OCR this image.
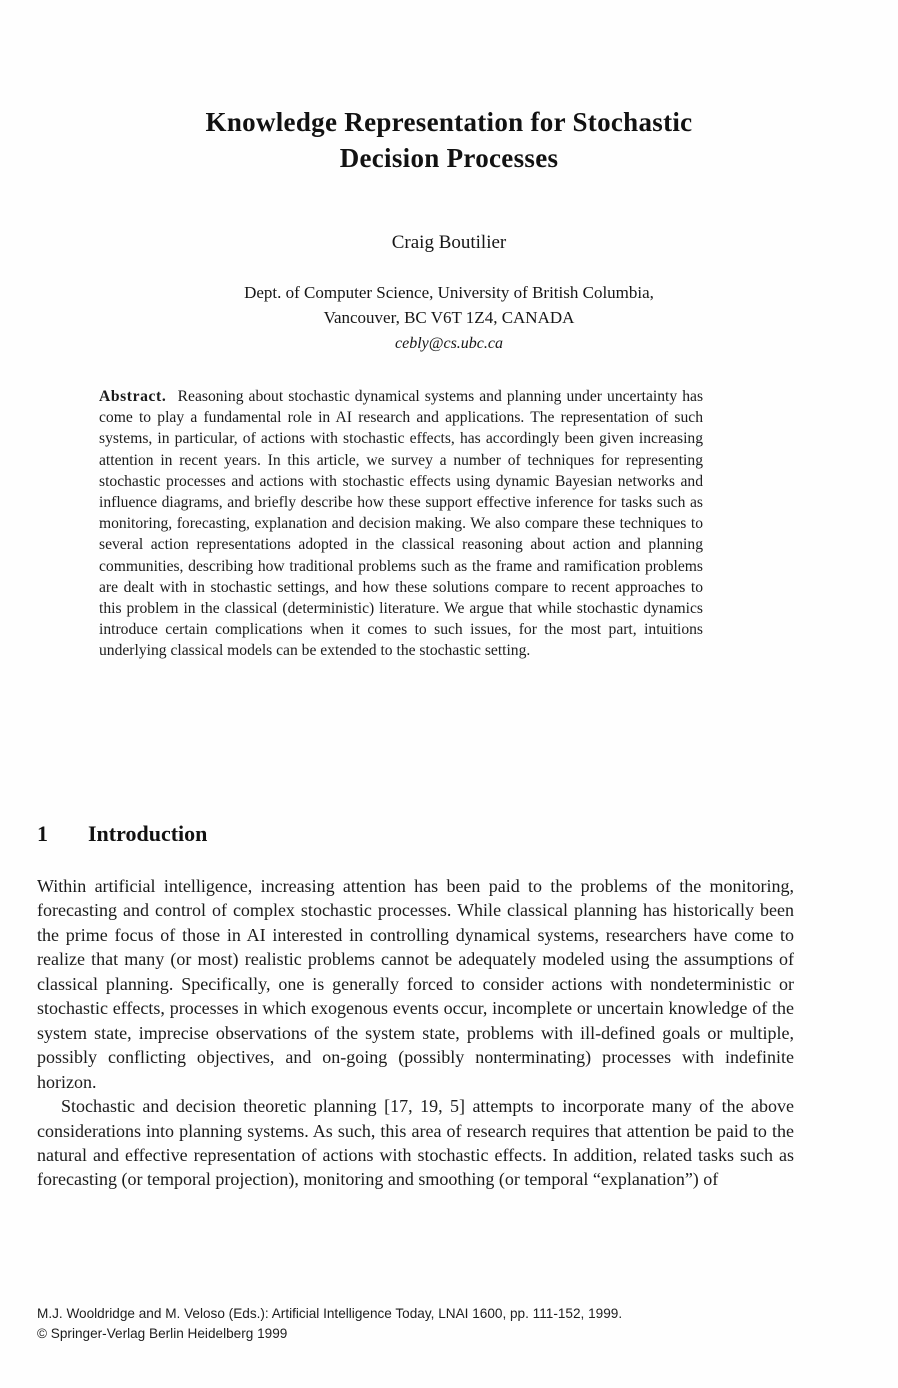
Knowledge Representation for Stochastic
Decision Processes
Craig Boutilier
Dept. of Computer Science, University of British Columbia,
Vancouver, BC V6T 1Z4, CANADA
cebly@cs.ubc.ca
Abstract.  Reasoning about stochastic dynamical systems and planning under uncertainty has come to play a fundamental role in AI research and applications. The representation of such systems, in particular, of actions with stochastic effects, has accordingly been given increasing attention in recent years. In this article, we survey a number of techniques for representing stochastic processes and actions with stochastic effects using dynamic Bayesian networks and influence diagrams, and briefly describe how these support effective inference for tasks such as monitoring, forecasting, explanation and decision making. We also compare these techniques to several action representations adopted in the classical reasoning about action and planning communities, describing how traditional problems such as the frame and ramification problems are dealt with in stochastic settings, and how these solutions compare to recent approaches to this problem in the classical (deterministic) literature. We argue that while stochastic dynamics introduce certain complications when it comes to such issues, for the most part, intuitions underlying classical models can be extended to the stochastic setting.
1 Introduction
Within artificial intelligence, increasing attention has been paid to the problems of the monitoring, forecasting and control of complex stochastic processes. While classical planning has historically been the prime focus of those in AI interested in controlling dynamical systems, researchers have come to realize that many (or most) realistic problems cannot be adequately modeled using the assumptions of classical planning. Specifically, one is generally forced to consider actions with nondeterministic or stochastic effects, processes in which exogenous events occur, incomplete or uncertain knowledge of the system state, imprecise observations of the system state, problems with ill-defined goals or multiple, possibly conflicting objectives, and on-going (possibly nonterminating) processes with indefinite horizon.
Stochastic and decision theoretic planning [17, 19, 5] attempts to incorporate many of the above considerations into planning systems. As such, this area of research requires that attention be paid to the natural and effective representation of actions with stochastic effects. In addition, related tasks such as forecasting (or temporal projection), monitoring and smoothing (or temporal “explanation”) of
M.J. Wooldridge and M. Veloso (Eds.): Artificial Intelligence Today, LNAI 1600, pp. 111-152, 1999.
© Springer-Verlag Berlin Heidelberg 1999
